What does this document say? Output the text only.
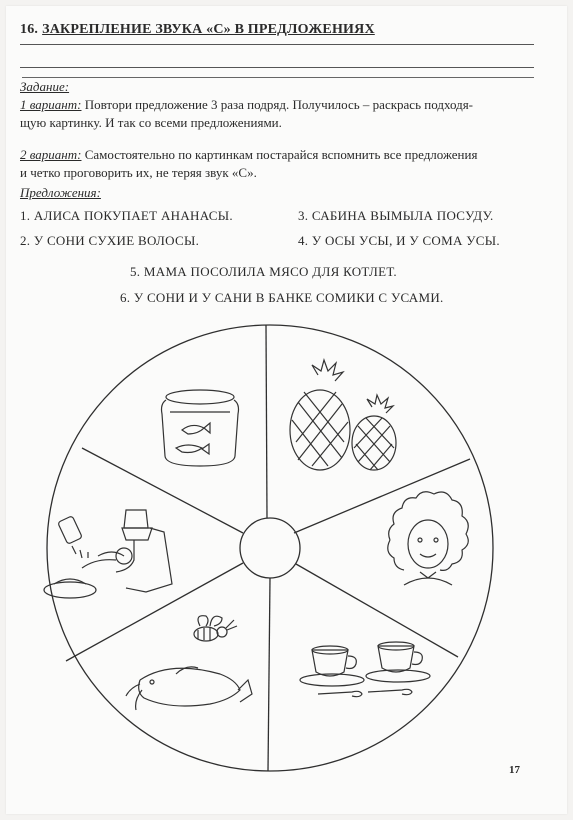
16. ЗАКРЕПЛЕНИЕ ЗВУКА «С» В ПРЕДЛОЖЕНИЯХ
Задание:
1 вариант: Повтори предложение 3 раза подряд. Получилось – раскрась подходя-
щую картинку. И так со всеми предложениями.
2 вариант: Самостоятельно по картинкам постарайся вспомнить все предложения
и четко проговорить их, не теряя звук «С».
Предложения:
1. АЛИСА ПОКУПАЕТ АНАНАСЫ.
2. У СОНИ СУХИЕ ВОЛОСЫ.
3. САБИНА ВЫМЫЛА ПОСУДУ.
4. У ОСЫ УСЫ, И У СОМА УСЫ.
5. МАМА ПОСОЛИЛА МЯСО ДЛЯ КОТЛЕТ.
6. У СОНИ И У САНИ В БАНКЕ СОМИКИ С УСАМИ.
17
